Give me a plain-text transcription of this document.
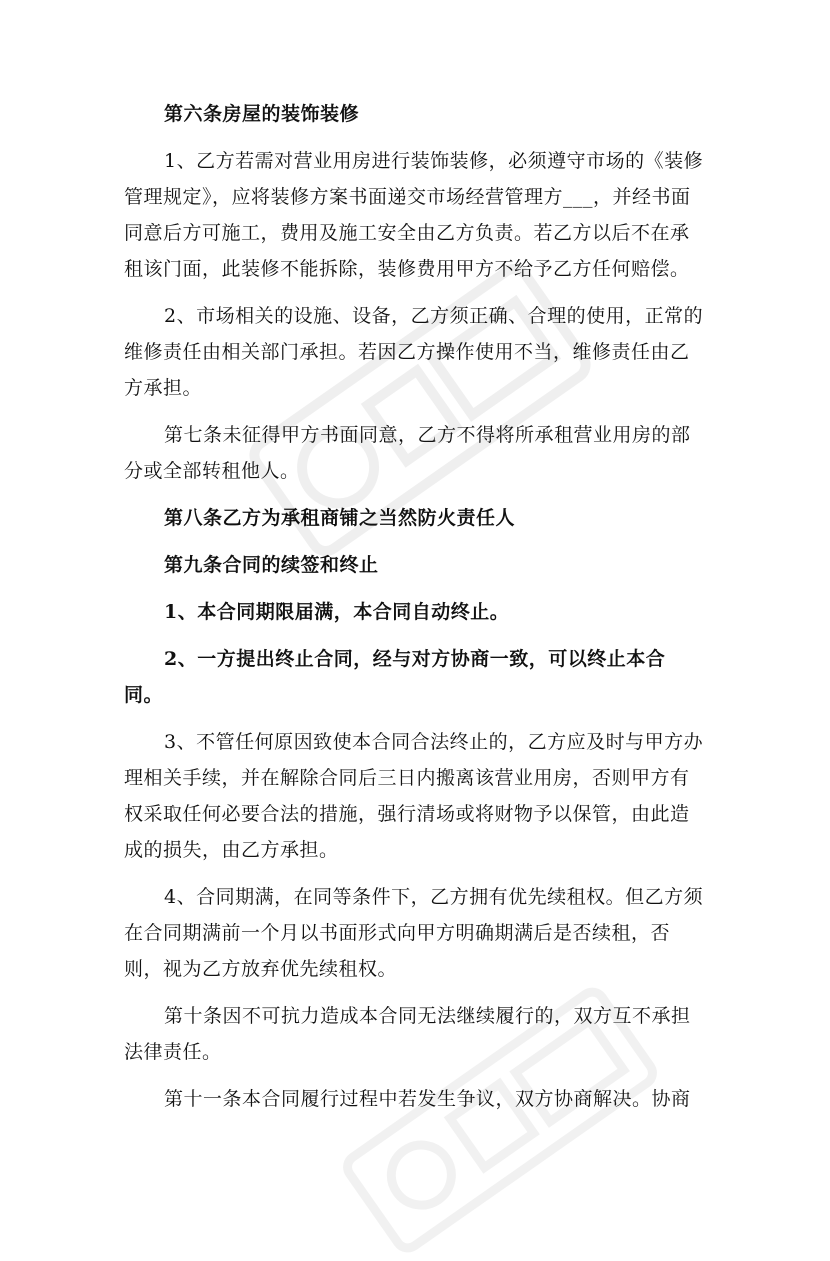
第六条房屋的装饰装修
1、乙方若需对营业用房进行装饰装修，必须遵守市场的《装修
管理规定》，应将装修方案书面递交市场经营管理方___，并经书面
同意后方可施工，费用及施工安全由乙方负责。若乙方以后不在承
租该门面，此装修不能拆除，装修费用甲方不给予乙方任何赔偿。
2、市场相关的设施、设备，乙方须正确、合理的使用，正常的
维修责任由相关部门承担。若因乙方操作使用不当，维修责任由乙
方承担。
第七条未征得甲方书面同意，乙方不得将所承租营业用房的部
分或全部转租他人。
第八条乙方为承租商铺之当然防火责任人
第九条合同的续签和终止
1、本合同期限届满，本合同自动终止。
2、一方提出终止合同，经与对方协商一致，可以终止本合
同。
3、不管任何原因致使本合同合法终止的，乙方应及时与甲方办
理相关手续，并在解除合同后三日内搬离该营业用房，否则甲方有
权采取任何必要合法的措施，强行清场或将财物予以保管，由此造
成的损失，由乙方承担。
4、合同期满，在同等条件下，乙方拥有优先续租权。但乙方须
在合同期满前一个月以书面形式向甲方明确期满后是否续租，否
则，视为乙方放弃优先续租权。
第十条因不可抗力造成本合同无法继续履行的，双方互不承担
法律责任。
第十一条本合同履行过程中若发生争议，双方协商解决。协商
